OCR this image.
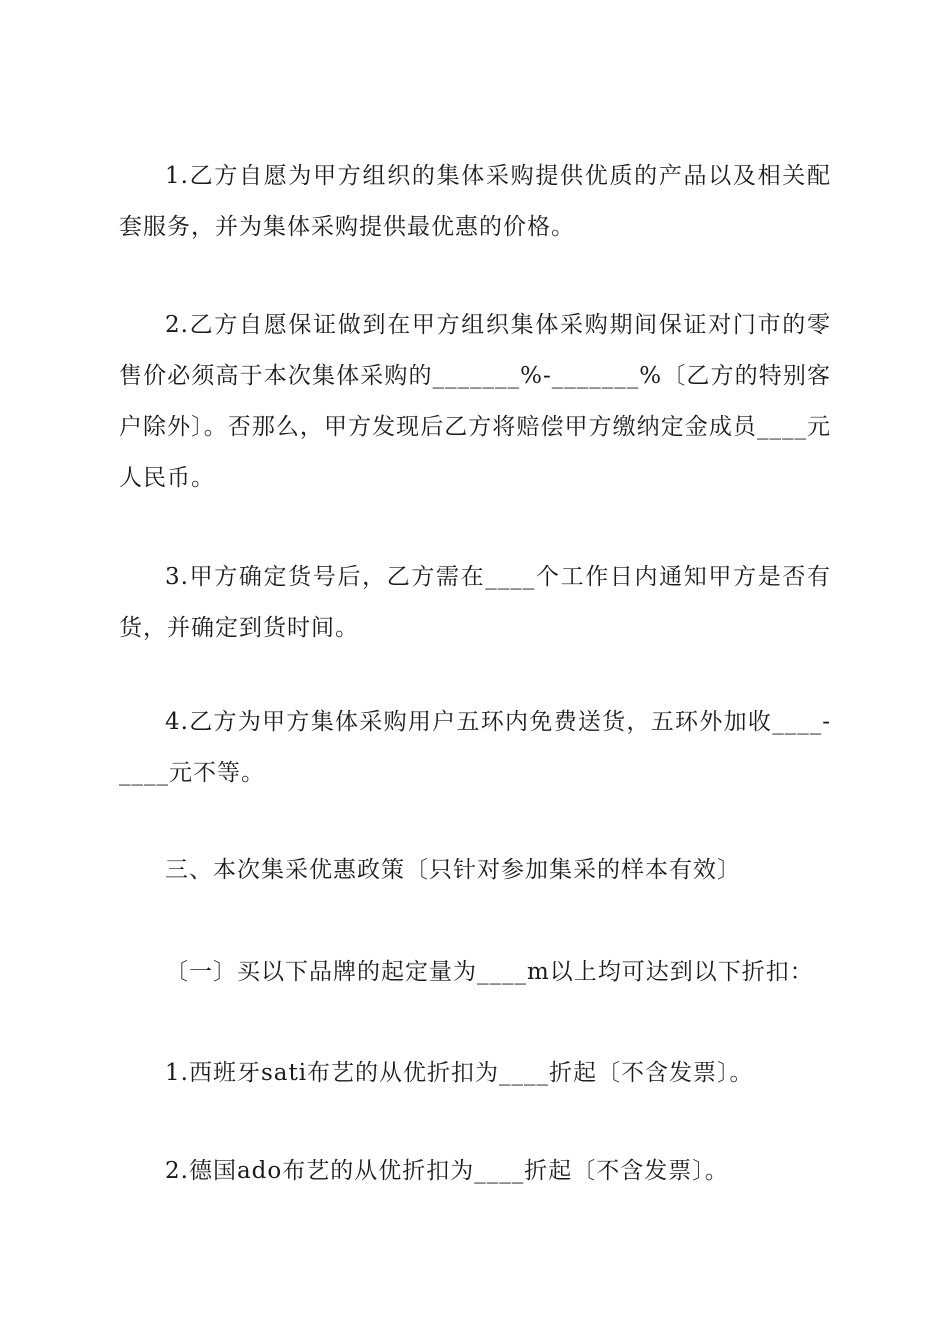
1.乙方自愿为甲方组织的集体采购提供优质的产品以及相关配套服务，并为集体采购提供最优惠的价格。

2.乙方自愿保证做到在甲方组织集体采购期间保证对门市的零售价必须高于本次集体采购的_______%-_______%〔乙方的特别客户除外〕。否那么，甲方发现后乙方将赔偿甲方缴纳定金成员____元人民币。

3.甲方确定货号后，乙方需在____个工作日内通知甲方是否有货，并确定到货时间。

4.乙方为甲方集体采购用户五环内免费送货，五环外加收____-____元不等。

三、本次集采优惠政策〔只针对参加集采的样本有效〕

〔一〕买以下品牌的起定量为____m以上均可达到以下折扣：

1.西班牙sati布艺的从优折扣为____折起〔不含发票〕。

2.德国ado布艺的从优折扣为____折起〔不含发票〕。
